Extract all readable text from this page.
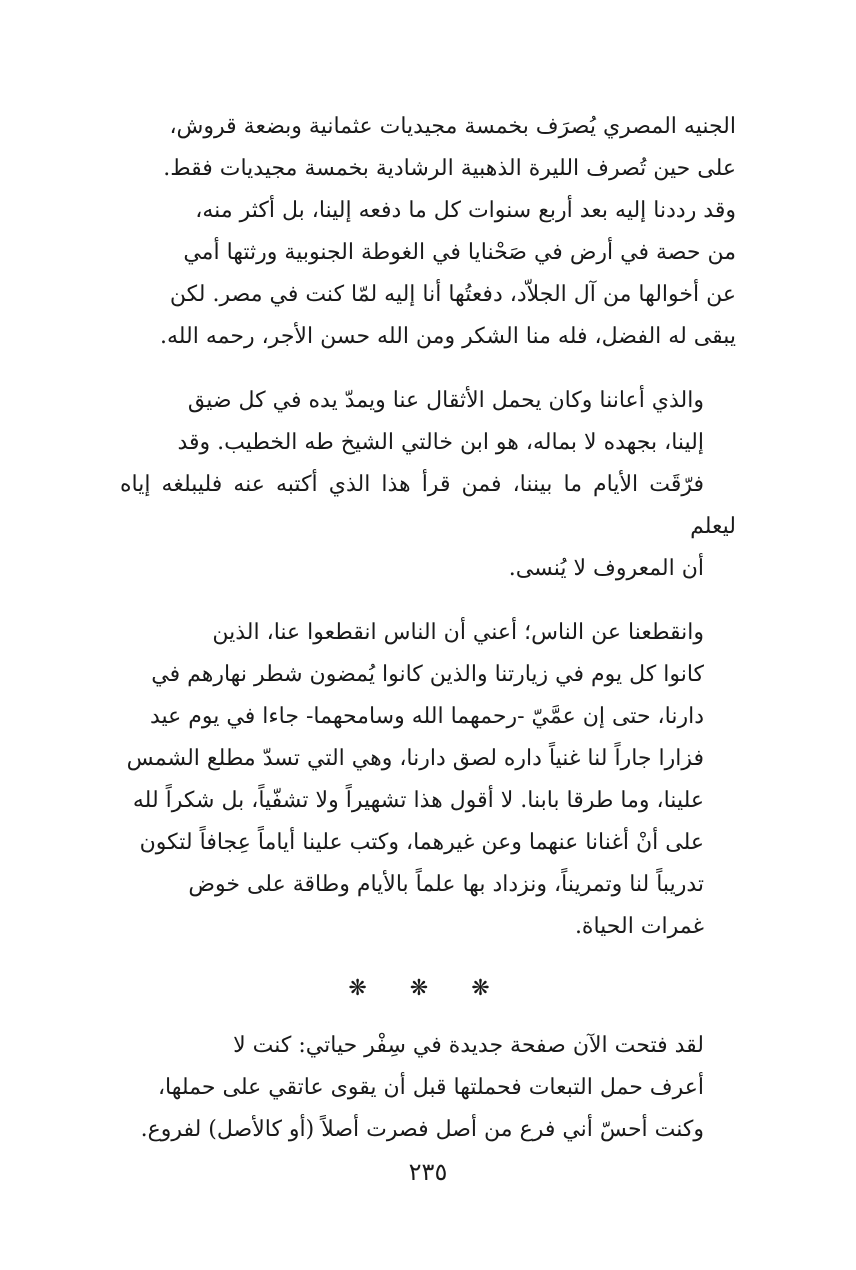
الجنيه المصري يُصرَف بخمسة مجيديات عثمانية وبضعة قروش،
على حين تُصرف الليرة الذهبية الرشادية بخمسة مجيديات فقط.
وقد رددنا إليه بعد أربع سنوات كل ما دفعه إلينا، بل أكثر منه،
من حصة في أرض في صَحْنايا في الغوطة الجنوبية ورثتها أمي
عن أخوالها من آل الجلاّد، دفعتُها أنا إليه لمّا كنت في مصر. لكن
يبقى له الفضل، فله منا الشكر ومن الله حسن الأجر، رحمه الله.

والذي أعاننا وكان يحمل الأثقال عنا ويمدّ يده في كل ضيق
إلينا، بجهده لا بماله، هو ابن خالتي الشيخ طه الخطيب. وقد
فرّقَت الأيام ما بيننا، فمن قرأ هذا الذي أكتبه عنه فليبلغه إياه ليعلم
أن المعروف لا يُنسى.

وانقطعنا عن الناس؛ أعني أن الناس انقطعوا عنا، الذين
كانوا كل يوم في زيارتنا والذين كانوا يُمضون شطر نهارهم في
دارنا، حتى إن عمَّيّ -رحمهما الله وسامحهما- جاءا في يوم عيد
فزارا جاراً لنا غنياً داره لصق دارنا، وهي التي تسدّ مطلع الشمس
علينا، وما طرقا بابنا. لا أقول هذا تشهيراً ولا تشفّياً، بل شكراً لله
على أنْ أغنانا عنهما وعن غيرهما، وكتب علينا أياماً عِجافاً لتكون
تدريباً لنا وتمريناً، ونزداد بها علماً بالأيام وطاقة على خوض
غمرات الحياة.

❋ ❋ ❋

لقد فتحت الآن صفحة جديدة في سِفْر حياتي: كنت لا
أعرف حمل التبعات فحملتها قبل أن يقوى عاتقي على حملها،
وكنت أحسّ أني فرع من أصل فصرت أصلاً (أو كالأصل) لفروع.

٢٣٥
